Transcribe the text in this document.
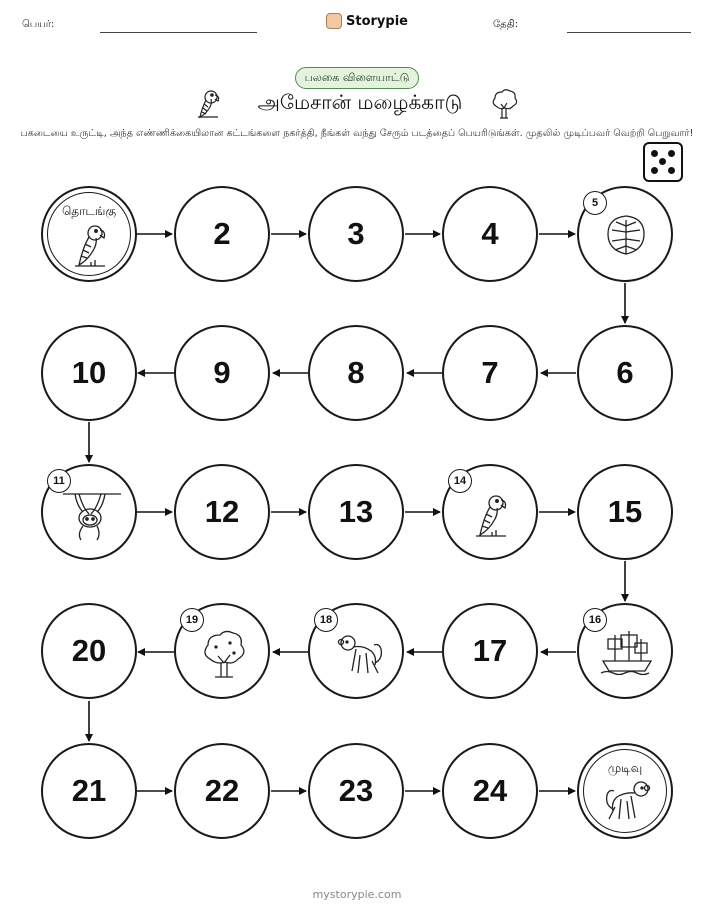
பெயர்:	Storypie	தேதி:
பலகை விளையாட்டு
அமேசான் மழைக்காடு
பகடையை உருட்டி, அந்த எண்ணிக்கையிலான கட்டங்களை நகர்த்தி, நீங்கள் வந்து சேரும் படத்தைப் பெயரிடுங்கள். முதலில் முடிப்பவர் வெற்றி பெறுவார்!
தொடங்கு
2	3	4
5
10	9	8	7	6
11
12	13
14
15
20
19	18
17
16
21	22	23	24
முடிவு
mystorypie.com
